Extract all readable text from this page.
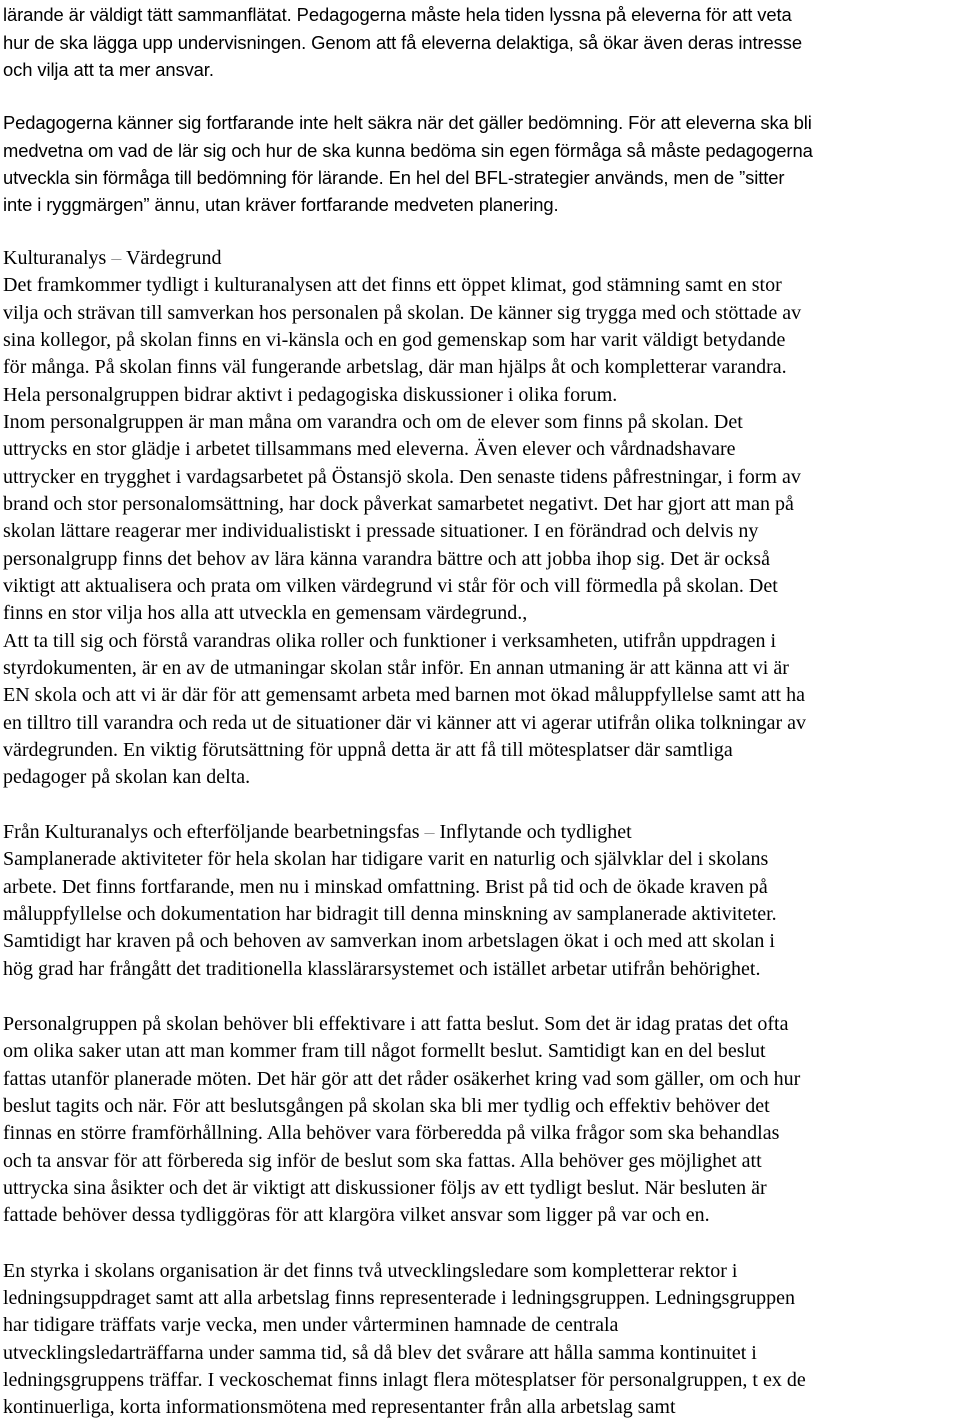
lärande är väldigt tätt sammanflätat. Pedagogerna måste hela tiden lyssna på eleverna för att veta
hur de ska lägga upp undervisningen. Genom att få eleverna delaktiga, så ökar även deras intresse
och vilja att ta mer ansvar.
Pedagogerna känner sig fortfarande inte helt säkra när det gäller bedömning. För att eleverna ska bli
medvetna om vad de lär sig och hur de ska kunna bedöma sin egen förmåga så måste pedagogerna
utveckla sin förmåga till bedömning för lärande. En hel del BFL-strategier används, men de ”sitter
inte i ryggmärgen” ännu, utan kräver fortfarande medveten planering.
Kulturanalys – Värdegrund
Det framkommer tydligt i kulturanalysen att det finns ett öppet klimat, god stämning samt en stor
vilja och strävan till samverkan hos personalen på skolan. De känner sig trygga med och stöttade av
sina kollegor, på skolan finns en vi-känsla och en god gemenskap som har varit väldigt betydande
för många. På skolan finns väl fungerande arbetslag, där man hjälps åt och kompletterar varandra.
Hela personalgruppen bidrar aktivt i pedagogiska diskussioner i olika forum.
Inom personalgruppen är man måna om varandra och om de elever som finns på skolan. Det
uttrycks en stor glädje i arbetet tillsammans med eleverna. Även elever och vårdnadshavare
uttrycker en trygghet i vardagsarbetet på Östansjö skola. Den senaste tidens påfrestningar, i form av
brand och stor personalomsättning, har dock påverkat samarbetet negativt. Det har gjort att man på
skolan lättare reagerar mer individualistiskt i pressade situationer. I en förändrad och delvis ny
personalgrupp finns det behov av lära känna varandra bättre och att jobba ihop sig. Det är också
viktigt att aktualisera och prata om vilken värdegrund vi står för och vill förmedla på skolan. Det
finns en stor vilja hos alla att utveckla en gemensam värdegrund.,
Att ta till sig och förstå varandras olika roller och funktioner i verksamheten, utifrån uppdragen i
styrdokumenten, är en av de utmaningar skolan står inför. En annan utmaning är att känna att vi är
EN skola och att vi är där för att gemensamt arbeta med barnen mot ökad måluppfyllelse samt att ha
en tilltro till varandra och reda ut de situationer där vi känner att vi agerar utifrån olika tolkningar av
värdegrunden. En viktig förutsättning för uppnå detta är att få till mötesplatser där samtliga
pedagoger på skolan kan delta.
Från Kulturanalys och efterföljande bearbetningsfas – Inflytande och tydlighet
Samplanerade aktiviteter för hela skolan har tidigare varit en naturlig och självklar del i skolans
arbete. Det finns fortfarande, men nu i minskad omfattning. Brist på tid och de ökade kraven på
måluppfyllelse och dokumentation har bidragit till denna minskning av samplanerade aktiviteter.
Samtidigt har kraven på och behoven av samverkan inom arbetslagen ökat i och med att skolan i
hög grad har frångått det traditionella klasslärarsystemet och istället arbetar utifrån behörighet.
Personalgruppen på skolan behöver bli effektivare i att fatta beslut. Som det är idag pratas det ofta
om olika saker utan att man kommer fram till något formellt beslut. Samtidigt kan en del beslut
fattas utanför planerade möten. Det här gör att det råder osäkerhet kring vad som gäller, om och hur
beslut tagits och när. För att beslutsgången på skolan ska bli mer tydlig och effektiv behöver det
finnas en större framförhållning. Alla behöver vara förberedda på vilka frågor som ska behandlas
och ta ansvar för att förbereda sig inför de beslut som ska fattas. Alla behöver ges möjlighet att
uttrycka sina åsikter och det är viktigt att diskussioner följs av ett tydligt beslut. När besluten är
fattade behöver dessa tydliggöras för att klargöra vilket ansvar som ligger på var och en.
En styrka i skolans organisation är det finns två utvecklingsledare som kompletterar rektor i
ledningsuppdraget samt att alla arbetslag finns representerade i ledningsgruppen. Ledningsgruppen
har tidigare träffats varje vecka, men under vårterminen hamnade de centrala
utvecklingsledarträffarna under samma tid, så då blev det svårare att hålla samma kontinuitet i
ledningsgruppens träffar. I veckoschemat finns inlagt flera mötesplatser för personalgruppen, t ex de
kontinuerliga, korta informationsmötena med representanter från alla arbetslag samt
